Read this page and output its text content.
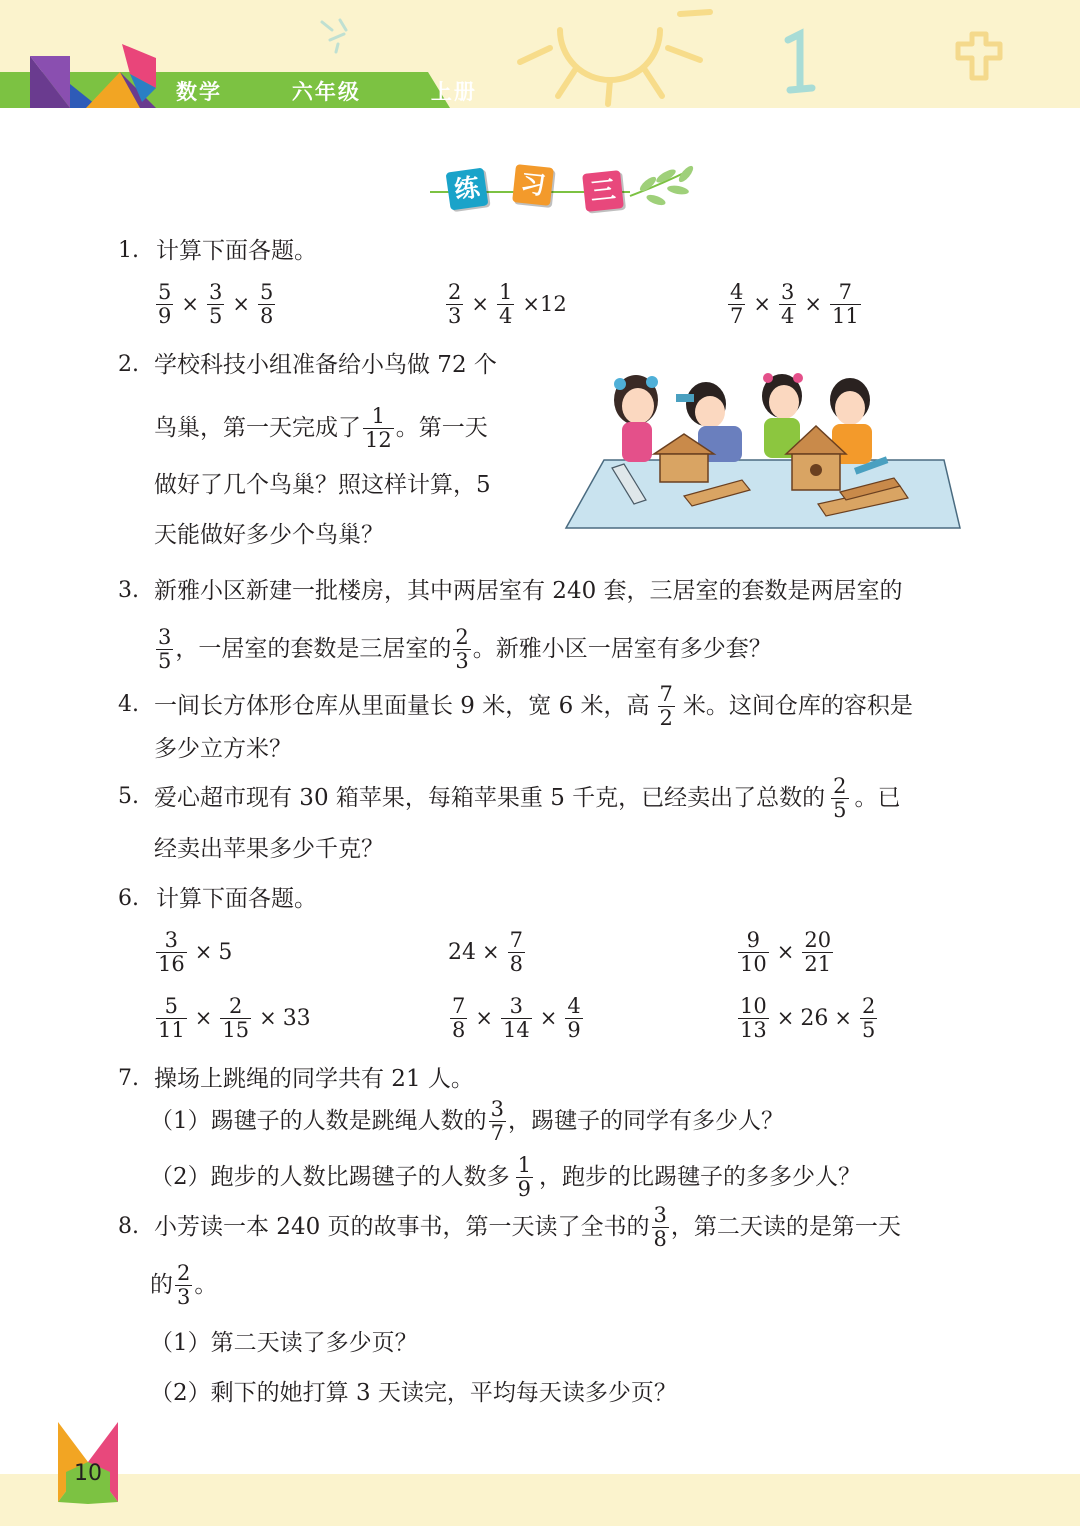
数学   六年级   上册
练 习 三
1. 计算下面各题。
$\frac{5}{9} \times \frac{3}{5} \times \frac{5}{8}$	$\frac{2}{3} \times \frac{1}{4} \times 12$	$\frac{4}{7} \times \frac{3}{4} \times \frac{7}{11}$
2. 学校科技小组准备给小鸟做 72 个
鸟巢，第一天完成了 $\frac{1}{12}$ 。第一天
做好了几个鸟巢？照这样计算，5
天能做好多少个鸟巢？
3. 新雅小区新建一批楼房，其中两居室有 240 套，三居室的套数是两居室的
$\frac{3}{5}$ ，一居室的套数是三居室的 $\frac{2}{3}$ 。新雅小区一居室有多少套？
4. 一间长方体形仓库从里面量长 9 米，宽 6 米，高 $\frac{7}{2}$ 米。这间仓库的容积是
多少立方米？
5. 爱心超市现有 30 箱苹果，每箱苹果重 5 千克，已经卖出了总数的 $\frac{2}{5}$ 。已
经卖出苹果多少千克？
6. 计算下面各题。
$\frac{3}{16} \times 5$	$24 \times \frac{7}{8}$	$\frac{9}{10} \times \frac{20}{21}$
$\frac{5}{11} \times \frac{2}{15} \times 33$	$\frac{7}{8} \times \frac{3}{14} \times \frac{4}{9}$	$\frac{10}{13} \times 26 \times \frac{2}{5}$
7. 操场上跳绳的同学共有 21 人。
（1）踢毽子的人数是跳绳人数的 $\frac{3}{7}$ ，踢毽子的同学有多少人？
（2）跑步的人数比踢毽子的人数多 $\frac{1}{9}$ ，跑步的比踢毽子的多多少人？
8. 小芳读一本 240 页的故事书，第一天读了全书的 $\frac{3}{8}$ ，第二天读的是第一天
的 $\frac{2}{3}$ 。
（1）第二天读了多少页？
（2）剩下的她打算 3 天读完，平均每天读多少页？
10
